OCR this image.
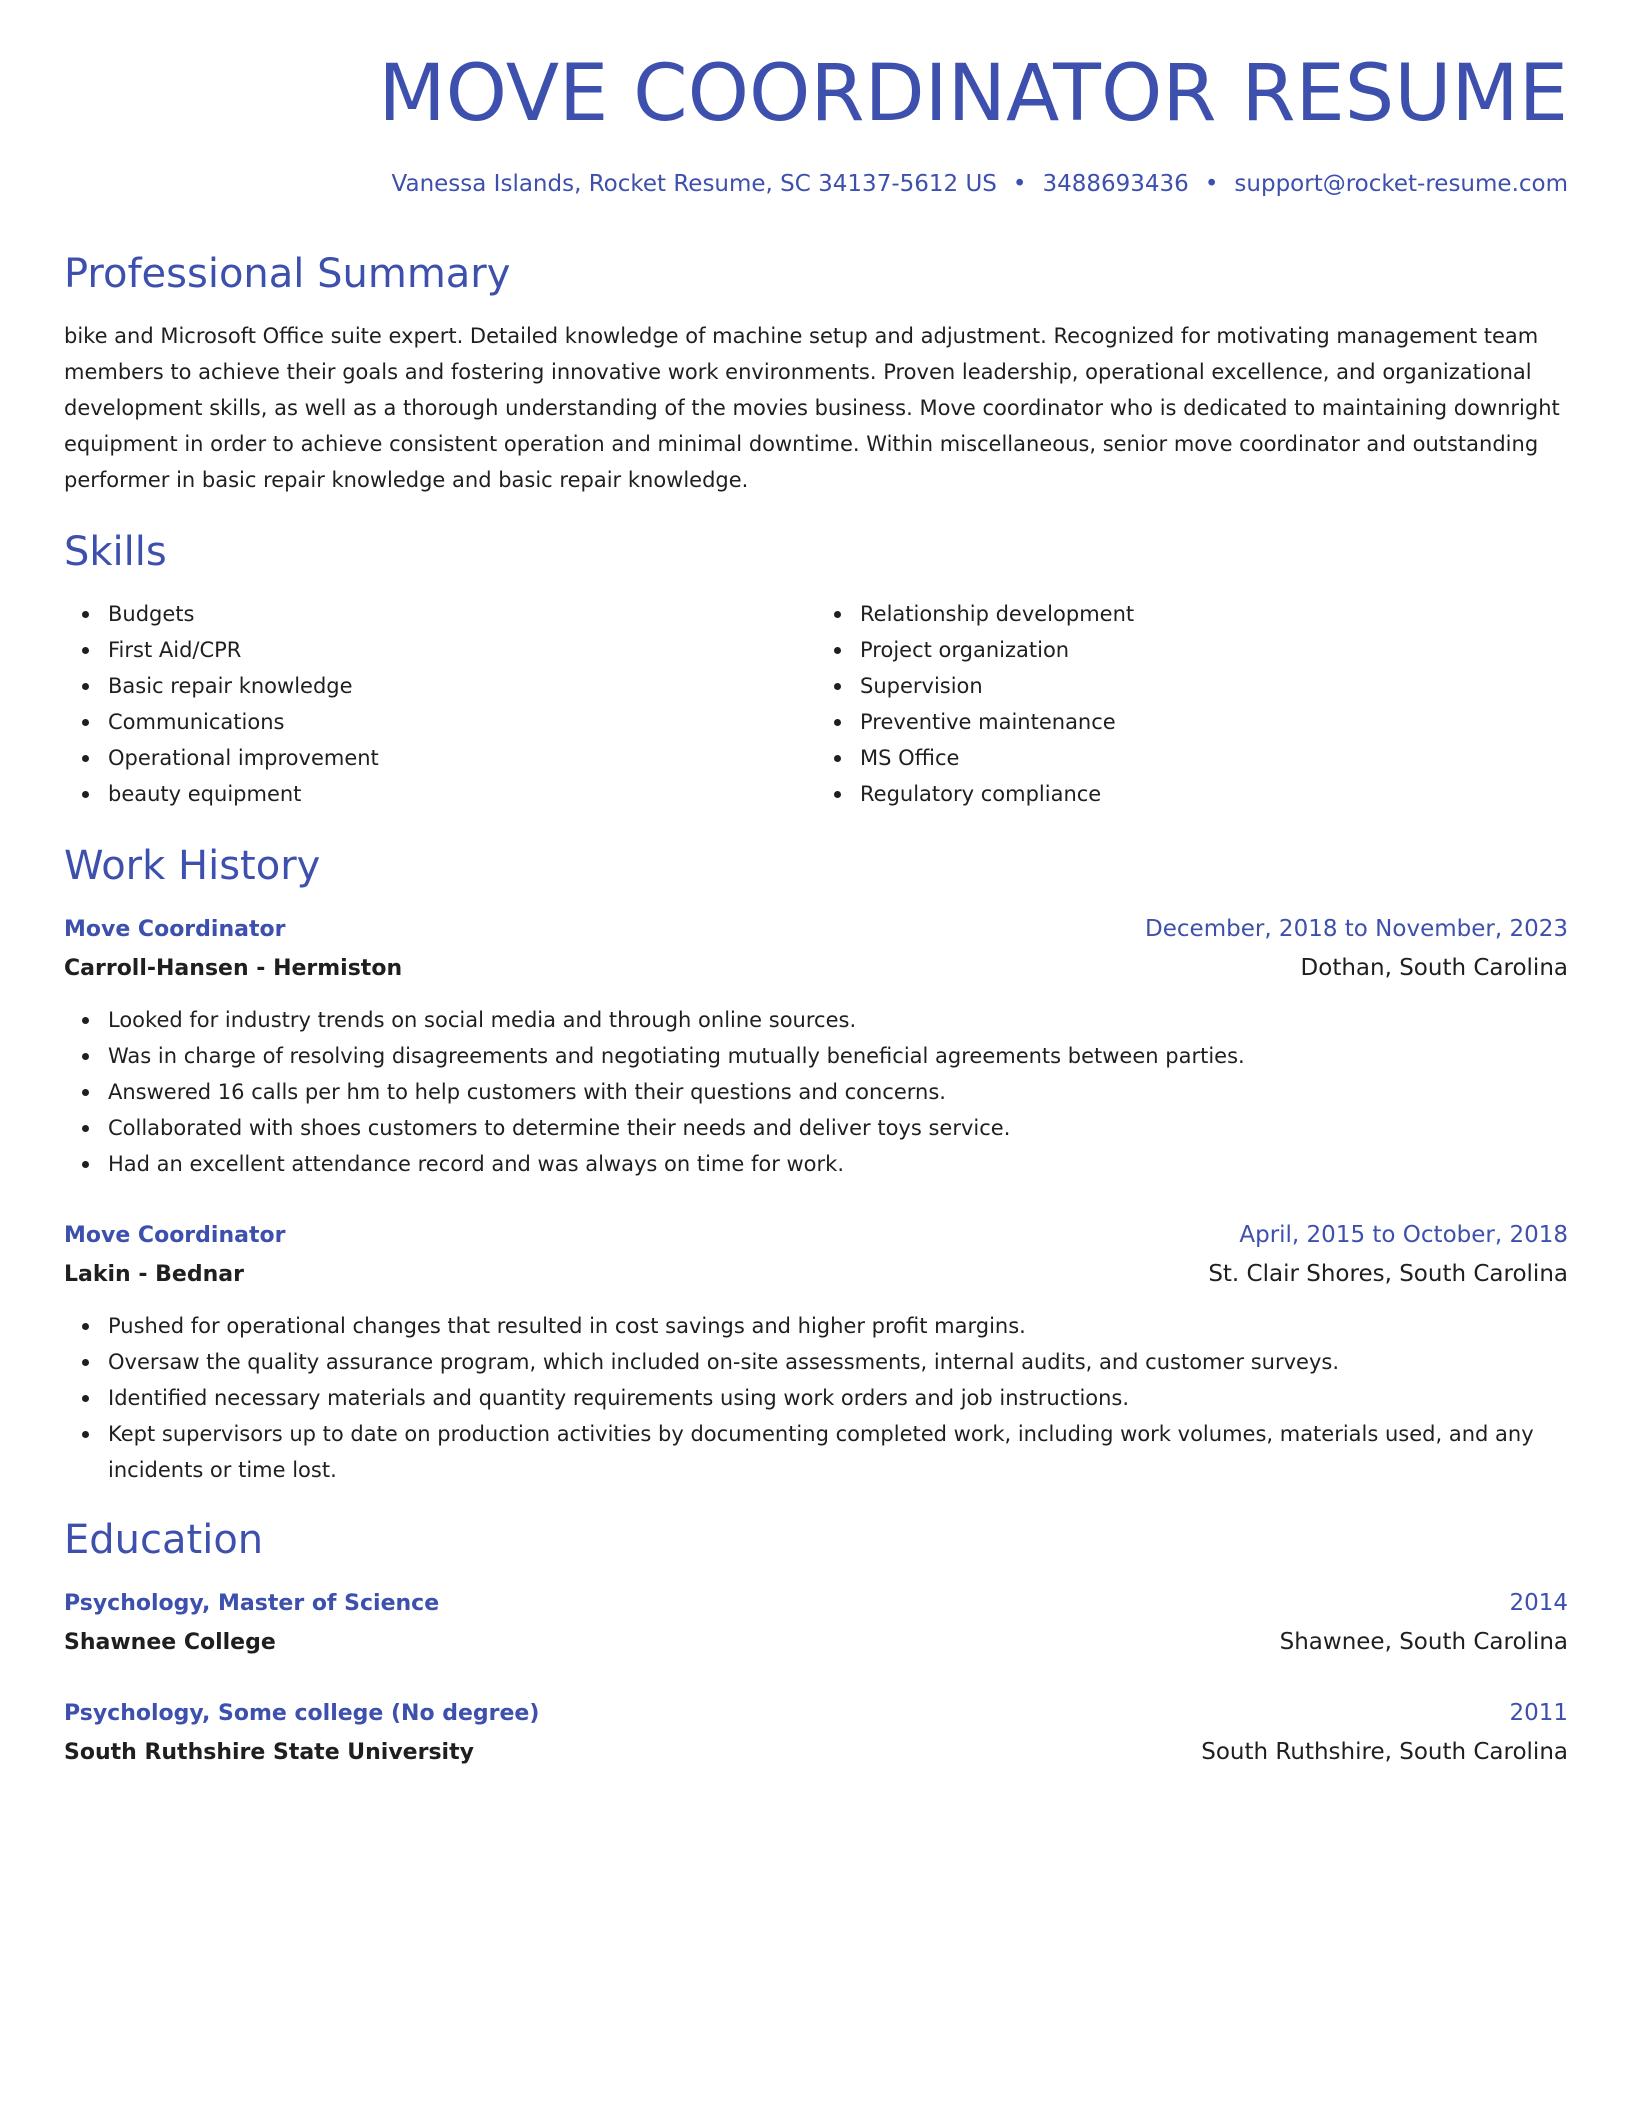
MOVE COORDINATOR RESUME
Vanessa Islands, Rocket Resume, SC 34137-5612 US • 3488693436 • support@rocket-resume.com
Professional Summary

bike and Microsoft Office suite expert. Detailed knowledge of machine setup and adjustment. Recognized for motivating management team members to achieve their goals and fostering innovative work environments. Proven leadership, operational excellence, and organizational development skills, as well as a thorough understanding of the movies business. Move coordinator who is dedicated to maintaining downright equipment in order to achieve consistent operation and minimal downtime. Within miscellaneous, senior move coordinator and outstanding performer in basic repair knowledge and basic repair knowledge.

Skills
Budgets
First Aid/CPR
Basic repair knowledge
Communications
Operational improvement
beauty equipment
Relationship development
Project organization
Supervision
Preventive maintenance
MS Office
Regulatory compliance
Work History
Move Coordinator	December, 2018 to November, 2023
Carroll-Hansen - Hermiston	Dothan, South Carolina
Looked for industry trends on social media and through online sources.
Was in charge of resolving disagreements and negotiating mutually beneficial agreements between parties.
Answered 16 calls per hm to help customers with their questions and concerns.
Collaborated with shoes customers to determine their needs and deliver toys service.
Had an excellent attendance record and was always on time for work.
Move Coordinator	April, 2015 to October, 2018
Lakin - Bednar	St. Clair Shores, South Carolina
Pushed for operational changes that resulted in cost savings and higher profit margins.
Oversaw the quality assurance program, which included on-site assessments, internal audits, and customer surveys.
Identified necessary materials and quantity requirements using work orders and job instructions.
Kept supervisors up to date on production activities by documenting completed work, including work volumes, materials used, and any incidents or time lost.
Education
Psychology, Master of Science	2014
Shawnee College	Shawnee, South Carolina
Psychology, Some college (No degree)	2011
South Ruthshire State University	South Ruthshire, South Carolina
